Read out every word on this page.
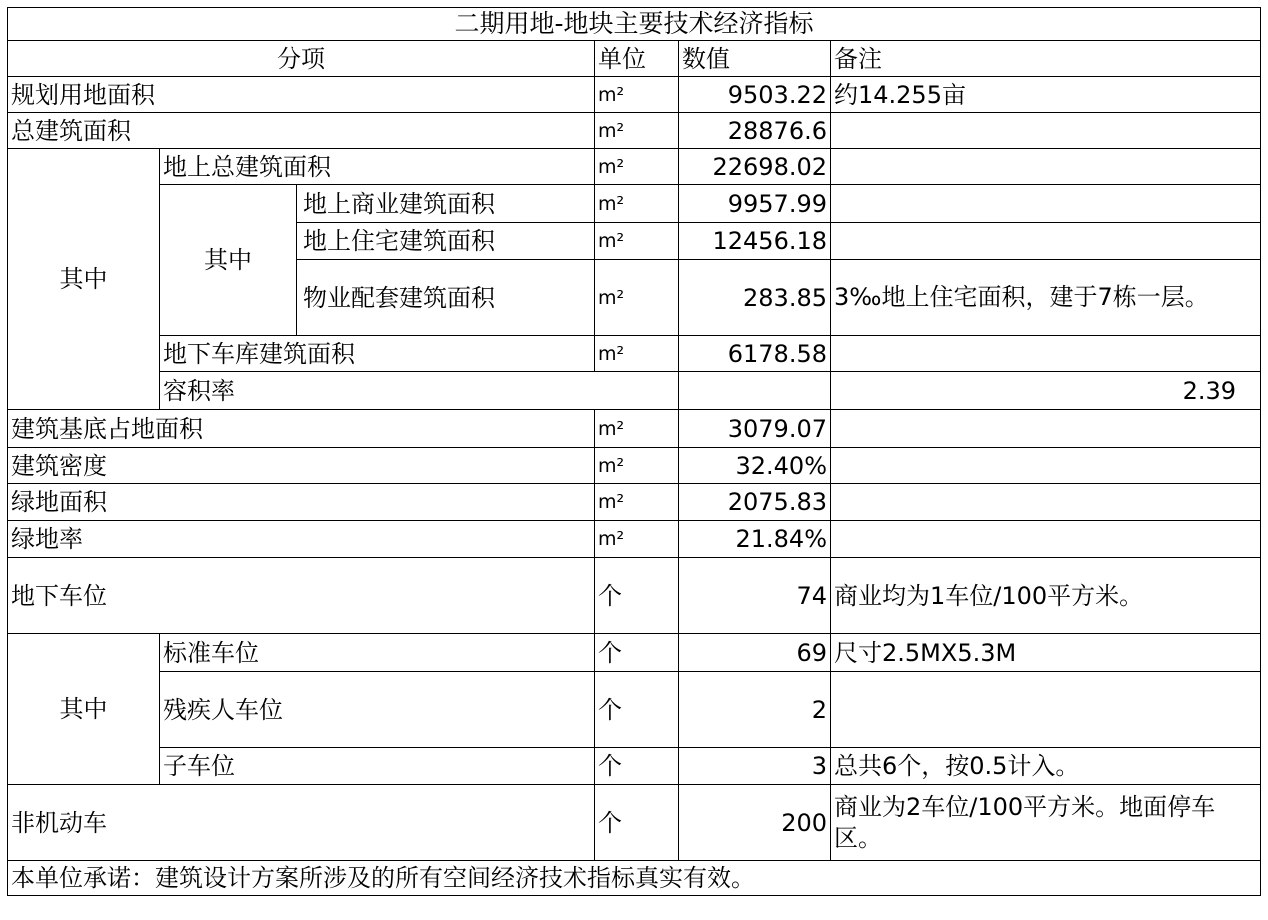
二期用地-地块主要技术经济指标						
分项			单位	数值	备注	
规划用地面积			m²	9503.22	约14.255亩	
总建筑面积			m²	28876.6		
其中	地上总建筑面积		m²	22698.02		
	其中	地上商业建筑面积	m²	9957.99		
		地上住宅建筑面积	m²	12456.18		
		物业配套建筑面积	m²	283.85	3‰地上住宅面积，建于7栋一层。	
	地下车库建筑面积		m²	6178.58		
	容积率				2.39	
建筑基底占地面积			m²	3079.07		
建筑密度			m²	32.40%		
绿地面积			m²	2075.83		
绿地率			m²	21.84%		
地下车位			个	74	商业均为1车位/100平方米。	
其中	标准车位		个	69	尺寸2.5MX5.3M	
	残疾人车位		个	2		
	子车位		个	3	总共6个，按0.5计入。	
非机动车			个	200	商业为2车位/100平方米。地面停车区。	
本单位承诺：建筑设计方案所涉及的所有空间经济技术指标真实有效。						
